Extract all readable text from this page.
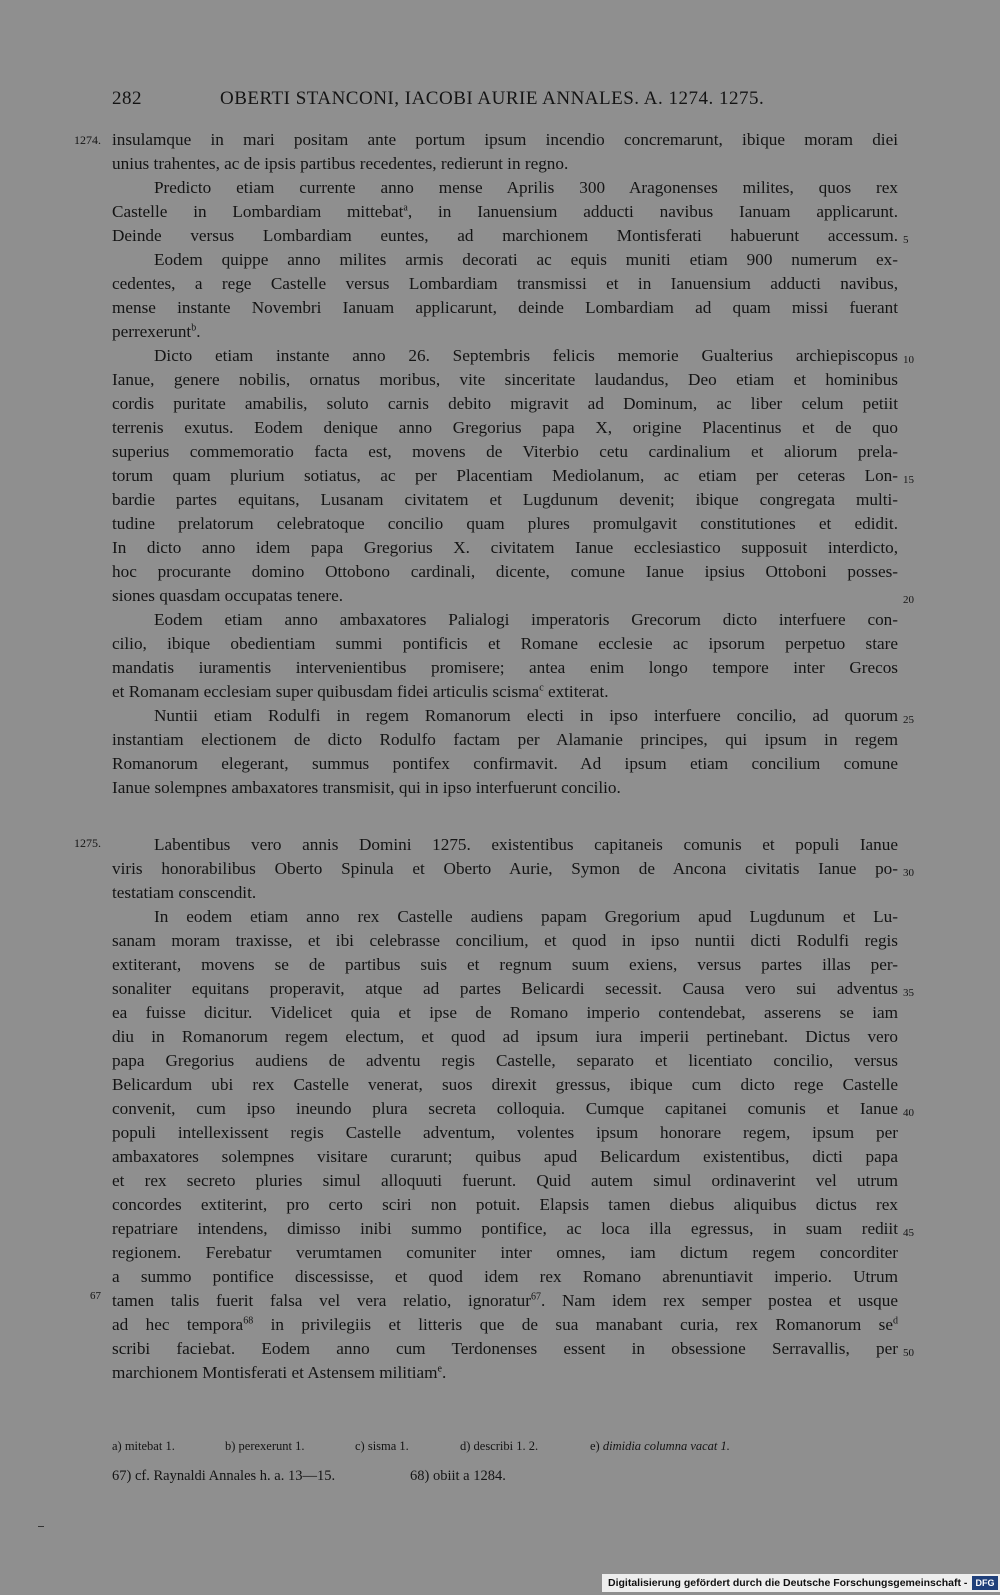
282	OBERTI STANCONI, IACOBI AURIE ANNALES. A. 1274. 1275.
1274.
1275.
67
insulamque in mari positam ante portum ipsum incendio concremarunt, ibique moram diei
unius trahentes, ac de ipsis partibus recedentes, redierunt in regno.
Predicto etiam currente anno mense Aprilis 300 Aragonenses milites, quos rex
Castelle in Lombardiam mittebat$^a$, in Ianuensium adducti navibus Ianuam applicarunt.
Deinde versus Lombardiam euntes, ad marchionem Montisferati habuerunt accessum.
Eodem quippe anno milites armis decorati ac equis muniti etiam 900 numerum ex-
cedentes, a rege Castelle versus Lombardiam transmissi et in Ianuensium adducti navibus,
mense instante Novembri Ianuam applicarunt, deinde Lombardiam ad quam missi fuerant
perrexerunt$^b$.
Dicto etiam instante anno 26. Septembris felicis memorie Gualterius archiepiscopus
Ianue, genere nobilis, ornatus moribus, vite sinceritate laudandus, Deo etiam et hominibus
cordis puritate amabilis, soluto carnis debito migravit ad Dominum, ac liber celum petiit
terrenis exutus. Eodem denique anno Gregorius papa X, origine Placentinus et de quo
superius commemoratio facta est, movens de Viterbio cetu cardinalium et aliorum prela-
torum quam plurium sotiatus, ac per Placentiam Mediolanum, ac etiam per ceteras Lon-
bardie partes equitans, Lusanam civitatem et Lugdunum devenit; ibique congregata multi-
tudine prelatorum celebratoque concilio quam plures promulgavit constitutiones et edidit.
In dicto anno idem papa Gregorius X. civitatem Ianue ecclesiastico supposuit interdicto,
hoc procurante domino Ottobono cardinali, dicente, comune Ianue ipsius Ottoboni posses-
siones quasdam occupatas tenere.
Eodem etiam anno ambaxatores Palialogi imperatoris Grecorum dicto interfuere con-
cilio, ibique obedientiam summi pontificis et Romane ecclesie ac ipsorum perpetuo stare
mandatis iuramentis intervenientibus promisere; antea enim longo tempore inter Grecos
et Romanam ecclesiam super quibusdam fidei articulis scisma$^c$ extiterat.
Nuntii etiam Rodulfi in regem Romanorum electi in ipso interfuere concilio, ad quorum
instantiam electionem de dicto Rodulfo factam per Alamanie principes, qui ipsum in regem
Romanorum elegerant, summus pontifex confirmavit. Ad ipsum etiam concilium comune
Ianue solempnes ambaxatores transmisit, qui in ipso interfuerunt concilio.
Labentibus vero annis Domini 1275. existentibus capitaneis comunis et populi Ianue
viris honorabilibus Oberto Spinula et Oberto Aurie, Symon de Ancona civitatis Ianue po-
testatiam conscendit.
In eodem etiam anno rex Castelle audiens papam Gregorium apud Lugdunum et Lu-
sanam moram traxisse, et ibi celebrasse concilium, et quod in ipso nuntii dicti Rodulfi regis
extiterant, movens se de partibus suis et regnum suum exiens, versus partes illas per-
sonaliter equitans properavit, atque ad partes Belicardi secessit. Causa vero sui adventus
ea fuisse dicitur. Videlicet quia et ipse de Romano imperio contendebat, asserens se iam
diu in Romanorum regem electum, et quod ad ipsum iura imperii pertinebant. Dictus vero
papa Gregorius audiens de adventu regis Castelle, separato et licentiato concilio, versus
Belicardum ubi rex Castelle venerat, suos direxit gressus, ibique cum dicto rege Castelle
convenit, cum ipso ineundo plura secreta colloquia. Cumque capitanei comunis et Ianue
populi intellexissent regis Castelle adventum, volentes ipsum honorare regem, ipsum per
ambaxatores solempnes visitare curarunt; quibus apud Belicardum existentibus, dicti papa
et rex secreto pluries simul alloquuti fuerunt. Quid autem simul ordinaverint vel utrum
concordes extiterint, pro certo sciri non potuit. Elapsis tamen diebus aliquibus dictus rex
repatriare intendens, dimisso inibi summo pontifice, ac loca illa egressus, in suam rediit
regionem. Ferebatur verumtamen comuniter inter omnes, iam dictum regem concorditer
a summo pontifice discessisse, et quod idem rex Romano abrenuntiavit imperio. Utrum
tamen talis fuerit falsa vel vera relatio, ignoratur$^{67}$. Nam idem rex semper postea et usque
ad hec tempora$^{68}$ in privilegiis et litteris que de sua manabant curia, rex Romanorum $se^d$
scribi faciebat. Eodem anno cum Terdonenses essent in obsessione Serravallis, per
marchionem Montisferati et Astensem militiam$^e$.
5
10
15
20
25
30
35
40
45
50
a) mitebat 1.	b) perexerunt 1.	c) sisma 1.	d) describi 1. 2.	e) dimidia columna vacat 1.
67) cf. Raynaldi Annales h. a. 13—15.	68) obiit a 1284.
Digitalisierung gefördert durch die Deutsche Forschungsgemeinschaft - DFG
